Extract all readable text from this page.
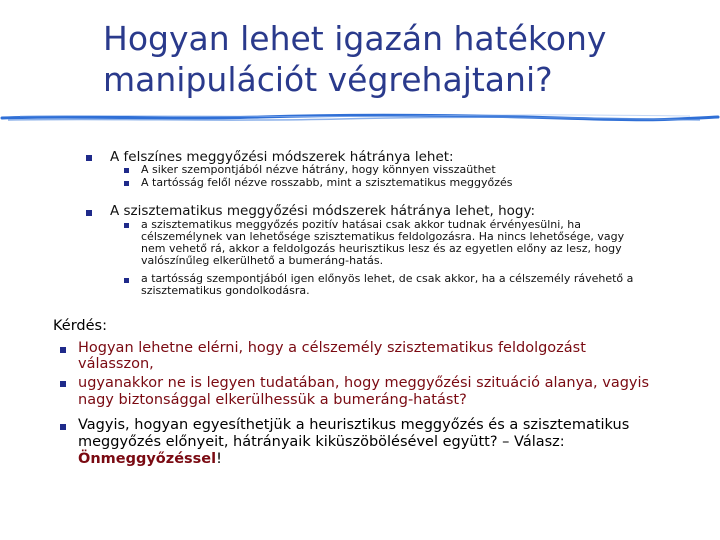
Hogyan lehet igazán hatékony
manipulációt végrehajtani?
A felszínes meggyőzési módszerek hátránya lehet:
A siker szempontjából nézve hátrány, hogy könnyen visszaüthet
A tartósság felől nézve rosszabb, mint a szisztematikus meggyőzés
A szisztematikus meggyőzési módszerek hátránya lehet, hogy:
a szisztematikus meggyőzés pozitív hatásai csak akkor tudnak érvényesülni, ha
célszemélynek van lehetősége szisztematikus feldolgozásra. Ha nincs lehetősége, vagy
nem vehető rá, akkor a feldolgozás heurisztikus lesz és az egyetlen előny az lesz, hogy
valószínűleg elkerülhető a bumeráng-hatás.
a tartósság szempontjából igen előnyös lehet, de csak akkor, ha a célszemély rávehető a
szisztematikus gondolkodásra.
Kérdés:
Hogyan lehetne elérni, hogy a célszemély szisztematikus feldolgozást
válasszon,
ugyanakkor ne is legyen tudatában, hogy meggyőzési szituáció alanya, vagyis
nagy biztonsággal elkerülhessük a bumeráng-hatást?
Vagyis, hogyan egyesíthetjük a heurisztikus meggyőzés és a szisztematikus
meggyőzés előnyeit, hátrányaik kiküszöbölésével együtt? – Válasz:
Önmeggyőzéssel!
